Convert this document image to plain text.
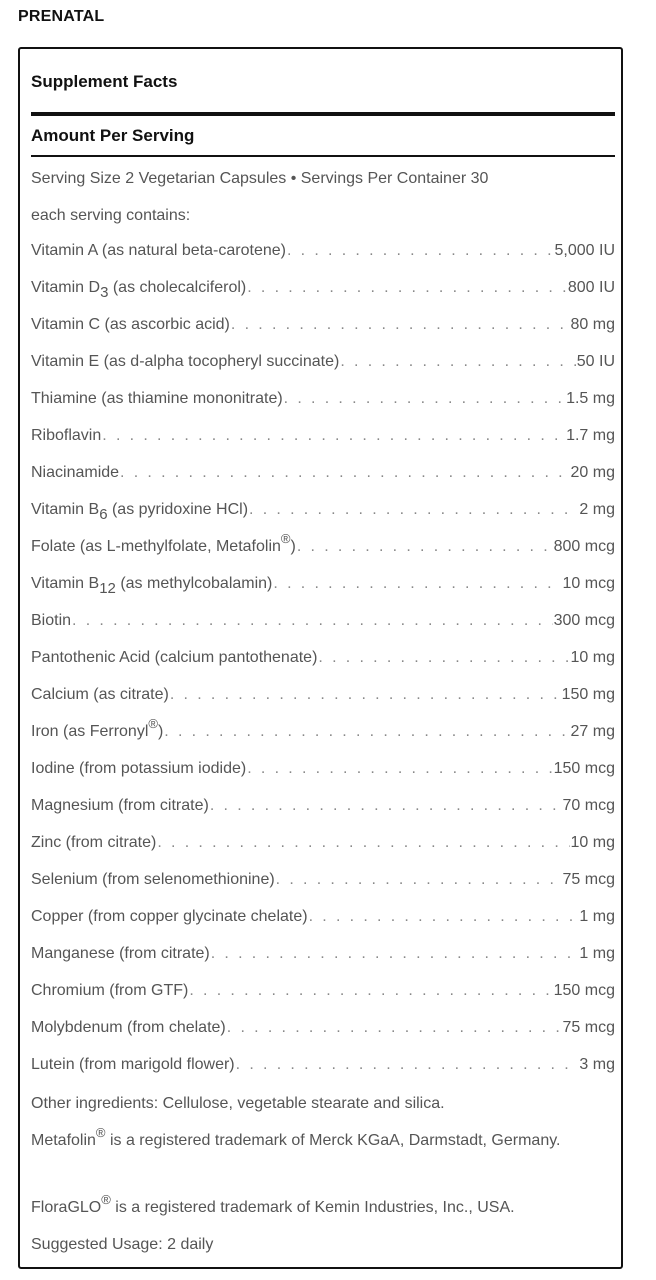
PRENATAL
Supplement Facts
Amount Per Serving
Serving Size 2 Vegetarian Capsules • Servings Per Container 30
each serving contains:
Vitamin A (as natural beta-carotene) . . .	5,000 IU
Vitamin $D_3$ (as cholecalciferol) . . .	800 IU
Vitamin C (as ascorbic acid) . . .	80 mg
Vitamin E (as d-alpha tocopheryl succinate) . . .	50 IU
Thiamine (as thiamine mononitrate) . . .	1.5 mg
Riboflavin . . .	1.7 mg
Niacinamide . . .	20 mg
Vitamin $B_6$ (as pyridoxine HCl) . . .	2 mg
Folate (as L-methylfolate, Metafolin®) . . .	800 mcg
Vitamin $B_{12}$ (as methylcobalamin) . . .	10 mcg
Biotin . . .	300 mcg
Pantothenic Acid (calcium pantothenate) . . .	10 mg
Calcium (as citrate) . . .	150 mg
Iron (as Ferronyl®) . . .	27 mg
Iodine (from potassium iodide) . . .	150 mcg
Magnesium (from citrate) . . .	70 mcg
Zinc (from citrate) . . .	10 mg
Selenium (from selenomethionine) . . .	75 mcg
Copper (from copper glycinate chelate) . . .	1 mg
Manganese (from citrate) . . .	1 mg
Chromium (from GTF) . . .	150 mcg
Molybdenum (from chelate) . . .	75 mcg
Lutein (from marigold flower) . . .	3 mg
Other ingredients: Cellulose, vegetable stearate and silica.
Metafolin® is a registered trademark of Merck KGaA, Darmstadt, Germany.
FloraGLO® is a registered trademark of Kemin Industries, Inc., USA.
Suggested Usage: 2 daily
